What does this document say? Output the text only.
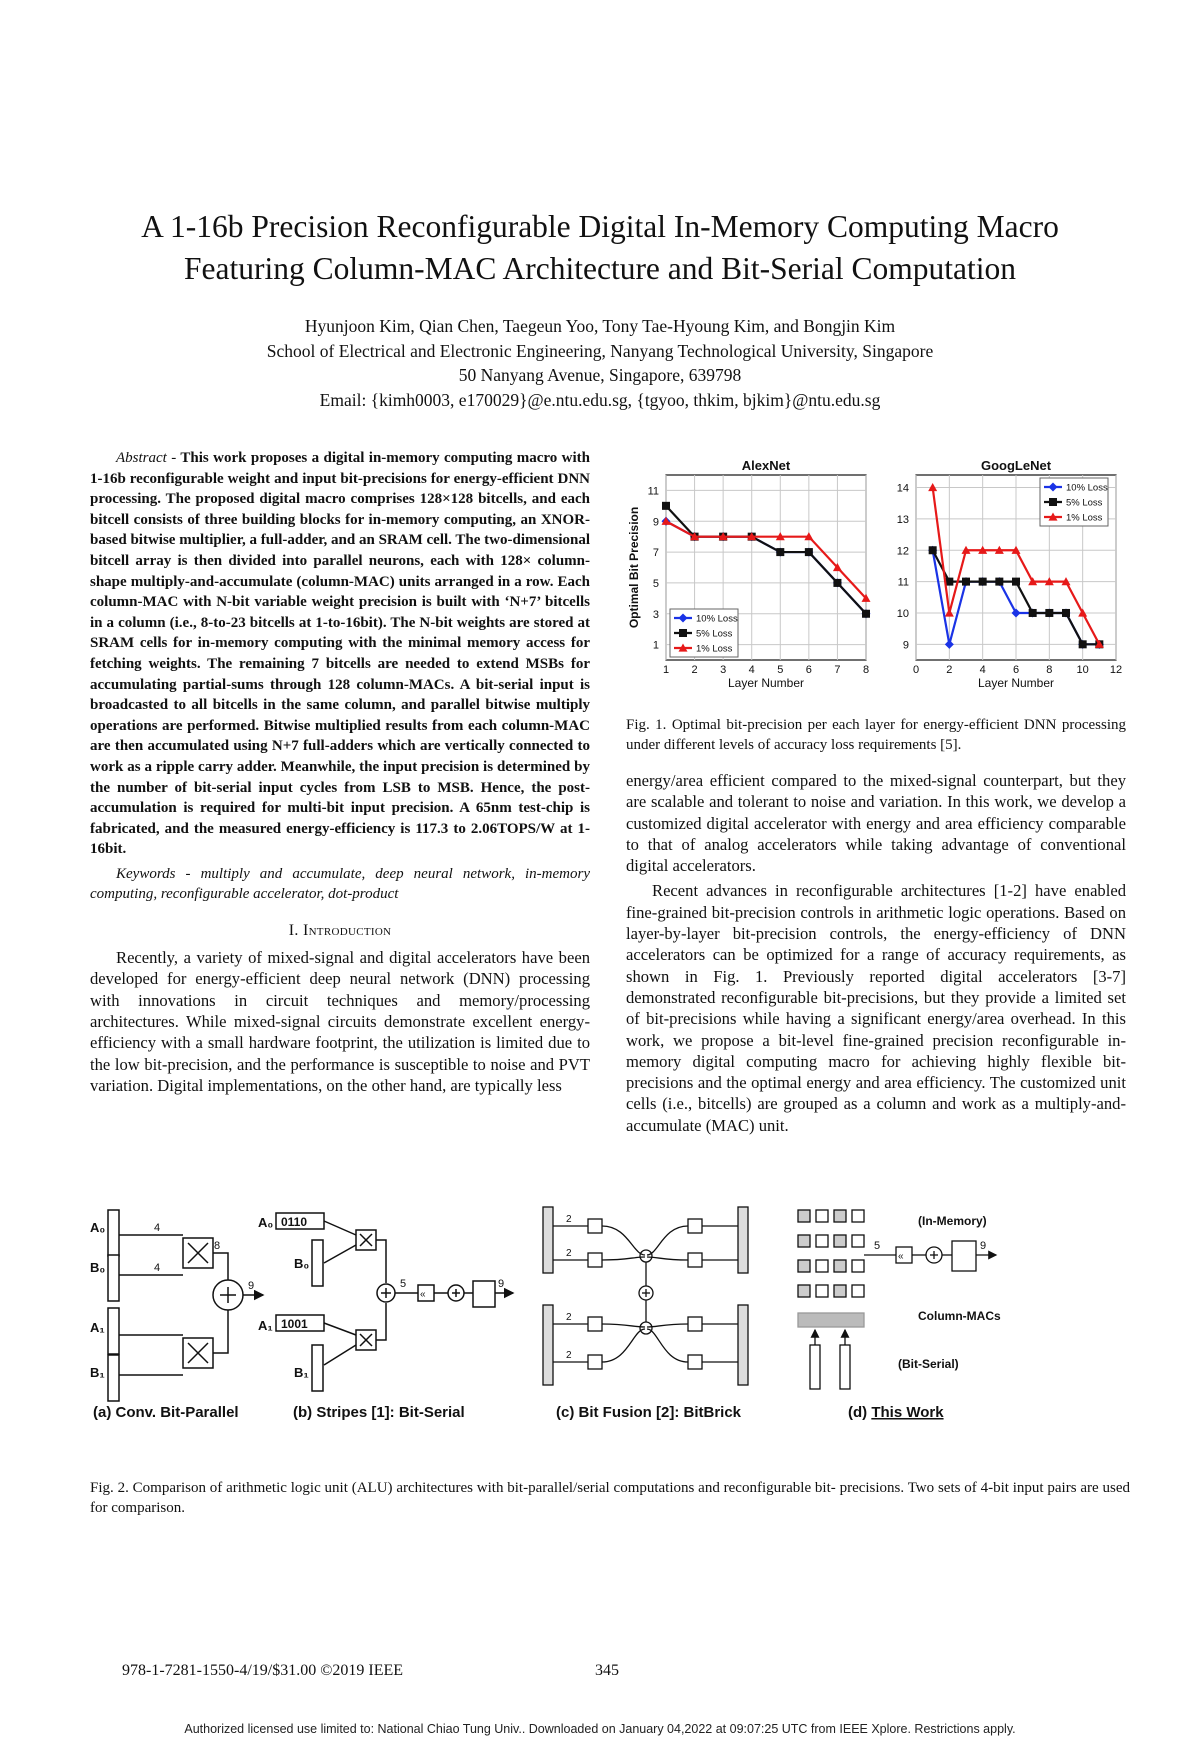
A 1-16b Precision Reconfigurable Digital In-Memory Computing Macro
Featuring Column-MAC Architecture and Bit-Serial Computation
Hyunjoon Kim, Qian Chen, Taegeun Yoo, Tony Tae-Hyoung Kim, and Bongjin Kim
School of Electrical and Electronic Engineering, Nanyang Technological University, Singapore
50 Nanyang Avenue, Singapore, 639798
Email: {kimh0003, e170029}@e.ntu.edu.sg, {tgyoo, thkim, bjkim}@ntu.edu.sg

Abstract - This work proposes a digital in-memory computing macro with 1-16b reconfigurable weight and input bit-precisions for energy-efficient DNN processing. The proposed digital macro comprises 128×128 bitcells, and each bitcell consists of three building blocks for in-memory computing, an XNOR-based bitwise multiplier, a full-adder, and an SRAM cell. The two-dimensional bitcell array is then divided into parallel neurons, each with 128× column-shape multiply-and-accumulate (column-MAC) units arranged in a row. Each column-MAC with N-bit variable weight precision is built with ‘N+7’ bitcells in a column (i.e., 8-to-23 bitcells at 1-to-16bit). The N-bit weights are stored at SRAM cells for in-memory computing with the minimal memory access for fetching weights. The remaining 7 bitcells are needed to extend MSBs for accumulating partial-sums through 128 column-MACs. A bit-serial input is broadcasted to all bitcells in the same column, and parallel bitwise multiply operations are performed. Bitwise multiplied results from each column-MAC are then accumulated using N+7 full-adders which are vertically connected to work as a ripple carry adder. Meanwhile, the input precision is determined by the number of bit-serial input cycles from LSB to MSB. Hence, the post-accumulation is required for multi-bit input precision. A 65nm test-chip is fabricated, and the measured energy-efficiency is 117.3 to 2.06TOPS/W at 1-16bit.

Keywords - multiply and accumulate, deep neural network, in-memory computing, reconfigurable accelerator, dot-product

I. Introduction

Recently, a variety of mixed-signal and digital accelerators have been developed for energy-efficient deep neural network (DNN) processing with innovations in circuit techniques and memory/processing architectures. While mixed-signal circuits demonstrate excellent energy-efficiency with a small hardware footprint, the utilization is limited due to the low bit-precision, and the performance is susceptible to noise and PVT variation. Digital implementations, on the other hand, are typically less

1 2 3 4 5 6 7 8
1
3
5
7
9
11
AlexNet
Layer Number
Optimal Bit Precision	10% Loss
5% Loss
1% Loss
0 2 4 6 8 10 12
9
10
11
12
13
14
GoogLeNet
Layer Number
10% Loss
5% Loss
1% Loss
Fig. 1. Optimal bit-precision per each layer for energy-efficient DNN processing under different levels of accuracy loss requirements [5].

energy/area efficient compared to the mixed-signal counterpart, but they are scalable and tolerant to noise and variation. In this work, we develop a customized digital accelerator with energy and area efficiency comparable to that of analog accelerators while taking advantage of conventional digital accelerators.

Recent advances in reconfigurable architectures [1-2] have enabled fine-grained bit-precision controls in arithmetic logic operations. Based on layer-by-layer bit-precision controls, the energy-efficiency of DNN accelerators can be optimized for a range of accuracy requirements, as shown in Fig. 1. Previously reported digital accelerators [3-7] demonstrated reconfigurable bit-precisions, but they provide a limited set of bit-precisions while having a significant energy/area overhead. In this work, we propose a bit-level fine-grained precision reconfigurable in-memory digital computing macro for achieving highly flexible bit-precisions and the optimal energy and area efficiency. The customized unit cells (i.e., bitcells) are grouped as a column and work as a multiply-and-accumulate (MAC) unit.

A₀
B₀
4
4
8
9
A₁
B₁
A₀ 0110
B₀
A₁ 1001
B₁
5
«
9
2
2
2
2
5
«
9
(In-Memory)
Column-MACs
(Bit-Serial)
(a) Conv. Bit-Parallel	(b) Stripes [1]: Bit-Serial	(c) Bit Fusion [2]: BitBrick	(d) This Work
Fig. 2. Comparison of arithmetic logic unit (ALU) architectures with bit-parallel/serial computations and reconfigurable bit- precisions. Two sets of 4-bit input pairs are used for comparison.
978-1-7281-1550-4/19/$31.00 ©2019 IEEE	345
Authorized licensed use limited to: National Chiao Tung Univ.. Downloaded on January 04,2022 at 09:07:25 UTC from IEEE Xplore. Restrictions apply.
